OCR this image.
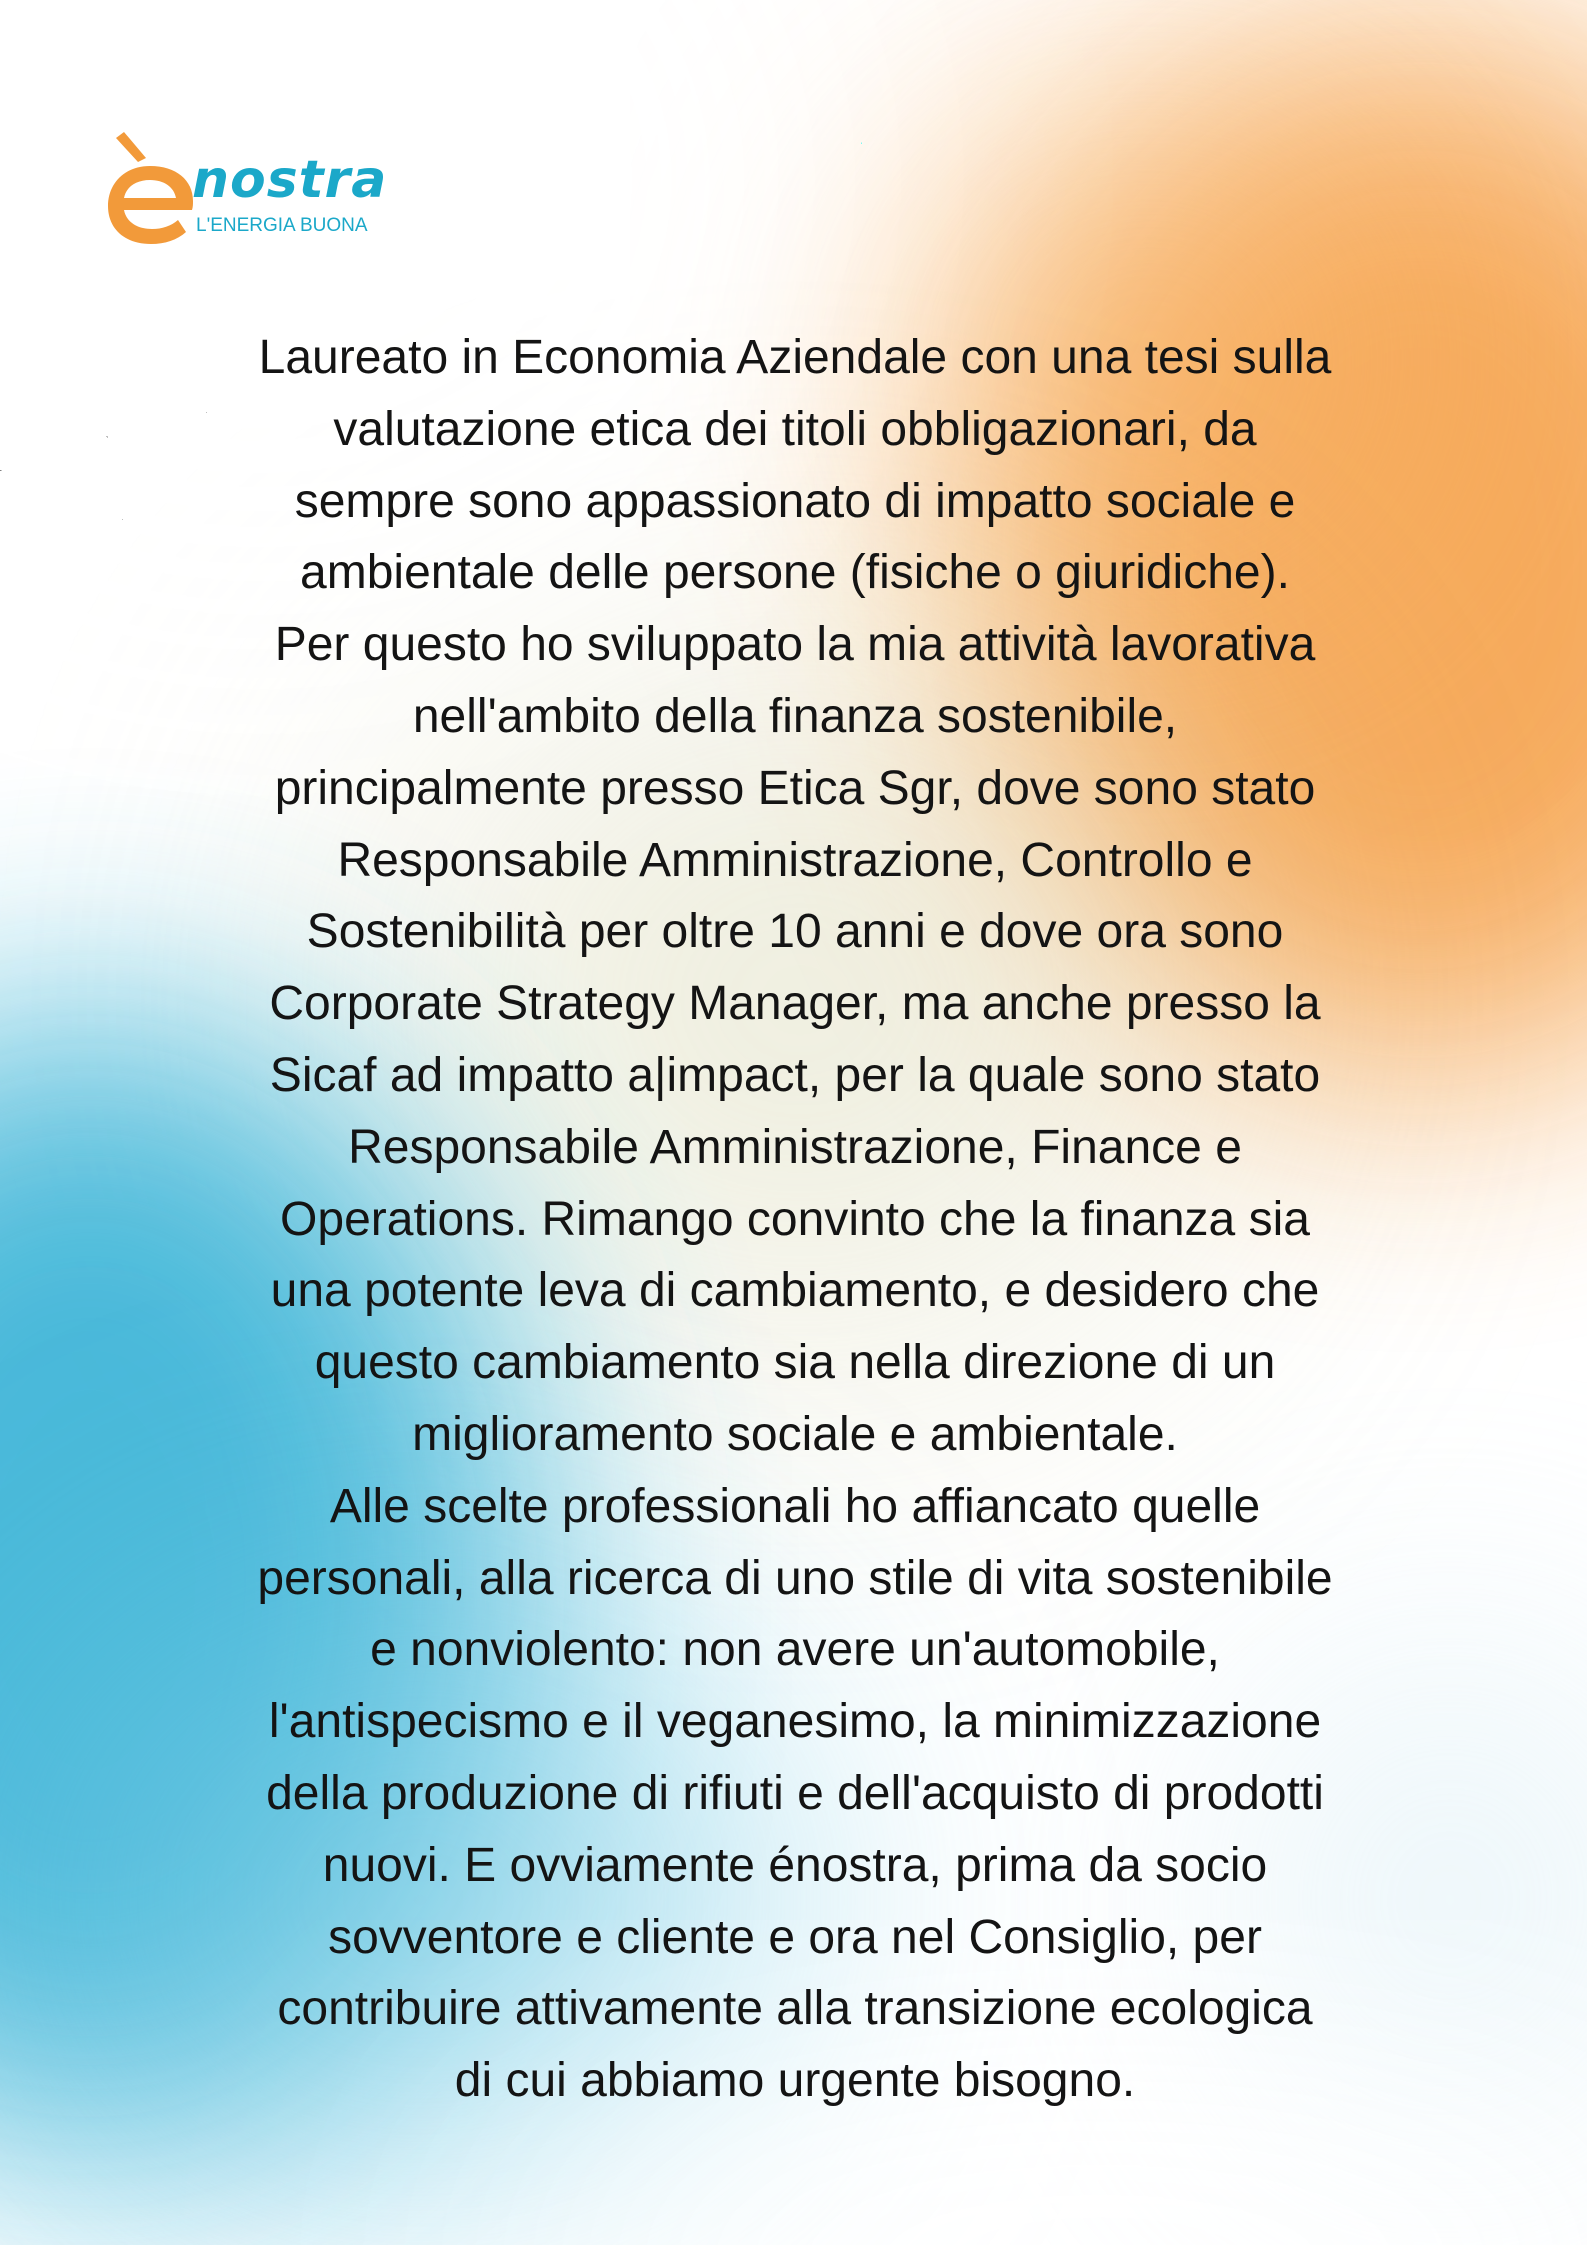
nostra
L'ENERGIA BUONA
Laureato in Economia Aziendale con una tesi sulla
valutazione etica dei titoli obbligazionari, da
sempre sono appassionato di impatto sociale e
ambientale delle persone (fisiche o giuridiche).
Per questo ho sviluppato la mia attività lavorativa
nell'ambito della finanza sostenibile,
principalmente presso Etica Sgr, dove sono stato
Responsabile Amministrazione, Controllo e
Sostenibilità per oltre 10 anni e dove ora sono
Corporate Strategy Manager, ma anche presso la
Sicaf ad impatto a|impact, per la quale sono stato
Responsabile Amministrazione, Finance e
Operations. Rimango convinto che la finanza sia
una potente leva di cambiamento, e desidero che
questo cambiamento sia nella direzione di un
miglioramento sociale e ambientale.
Alle scelte professionali ho affiancato quelle
personali, alla ricerca di uno stile di vita sostenibile
e nonviolento: non avere un'automobile,
l'antispecismo e il veganesimo, la minimizzazione
della produzione di rifiuti e dell'acquisto di prodotti
nuovi. E ovviamente énostra, prima da socio
sovventore e cliente e ora nel Consiglio, per
contribuire attivamente alla transizione ecologica
di cui abbiamo urgente bisogno.
